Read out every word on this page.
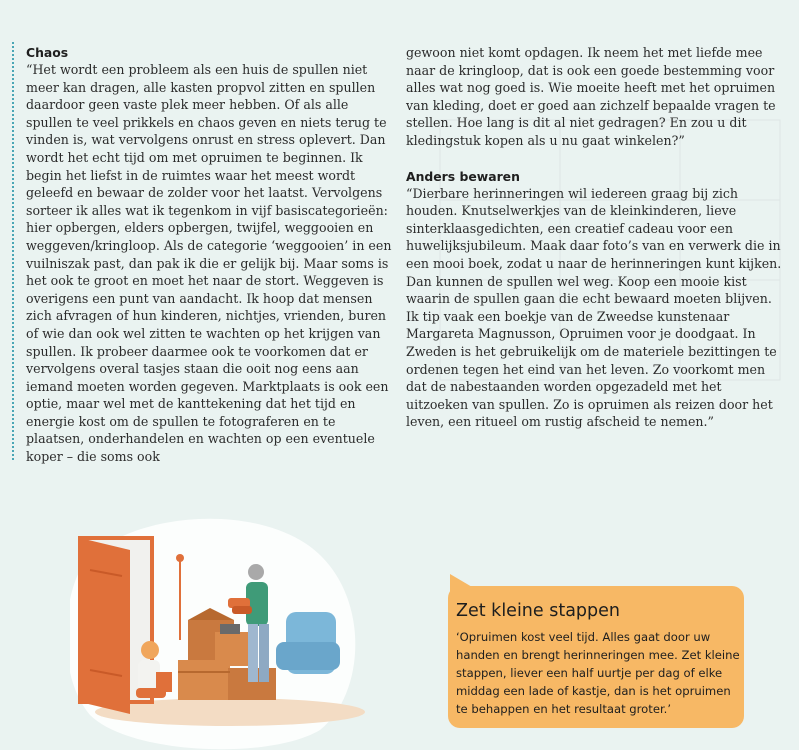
Chaos

“Het wordt een probleem als een huis de spullen niet meer kan dragen, alle kasten propvol zitten en spullen daardoor geen vaste plek meer hebben. Of als alle spullen te veel prikkels en chaos geven en niets terug te vinden is, wat vervolgens onrust en stress oplevert. Dan wordt het echt tijd om met opruimen te beginnen. Ik begin het liefst in de ruimtes waar het meest wordt geleefd en bewaar de zolder voor het laatst. Vervolgens sorteer ik alles wat ik tegenkom in vijf basiscategorieën: hier opbergen, elders opbergen, twijfel, weggooien en weggeven/kringloop. Als de categorie ‘weggooien’ in een vuilniszak past, dan pak ik die er gelijk bij. Maar soms is het ook te groot en moet het naar de stort. Weggeven is overigens een punt van aandacht. Ik hoop dat mensen zich afvragen of hun kinderen, nichtjes, vrienden, buren of wie dan ook wel zitten te wachten op het krijgen van spullen. Ik probeer daarmee ook te voorkomen dat er vervolgens overal tasjes staan die ooit nog eens aan iemand moeten worden gegeven. Marktplaats is ook een optie, maar wel met de kanttekening dat het tijd en energie kost om de spullen te fotograferen en te plaatsen, onderhandelen en wachten op een eventuele koper – die soms ook

gewoon niet komt opdagen. Ik neem het met liefde mee naar de kringloop, dat is ook een goede bestemming voor alles wat nog goed is. Wie moeite heeft met het opruimen van kleding, doet er goed aan zichzelf bepaalde vragen te stellen. Hoe lang is dit al niet gedragen? En zou u dit kledingstuk kopen als u nu gaat winkelen?”

Anders bewaren

“Dierbare herinneringen wil iedereen graag bij zich houden. Knutselwerkjes van de kleinkinderen, lieve sinterklaasgedichten, een creatief cadeau voor een huwelijksjubileum. Maak daar foto’s van en verwerk die in een mooi boek, zodat u naar de herinneringen kunt kijken. Dan kunnen de spullen wel weg. Koop een mooie kist waarin de spullen gaan die echt bewaard moeten blijven. Ik tip vaak een boekje van de Zweedse kunstenaar Margareta Magnusson, Opruimen voor je doodgaat. In Zweden is het gebruikelijk om de materiele bezittingen te ordenen tegen het eind van het leven. Zo voorkomt men dat de nabestaanden worden opgezadeld met het uitzoeken van spullen. Zo is opruimen als reizen door het leven, een ritueel om rustig afscheid te nemen.”

Zet kleine stappen
‘Opruimen kost veel tijd. Alles gaat door uw handen en brengt herinneringen mee. Zet kleine stappen, liever een half uurtje per dag of elke middag een lade of kastje, dan is het opruimen te behappen en het resultaat groter.’
